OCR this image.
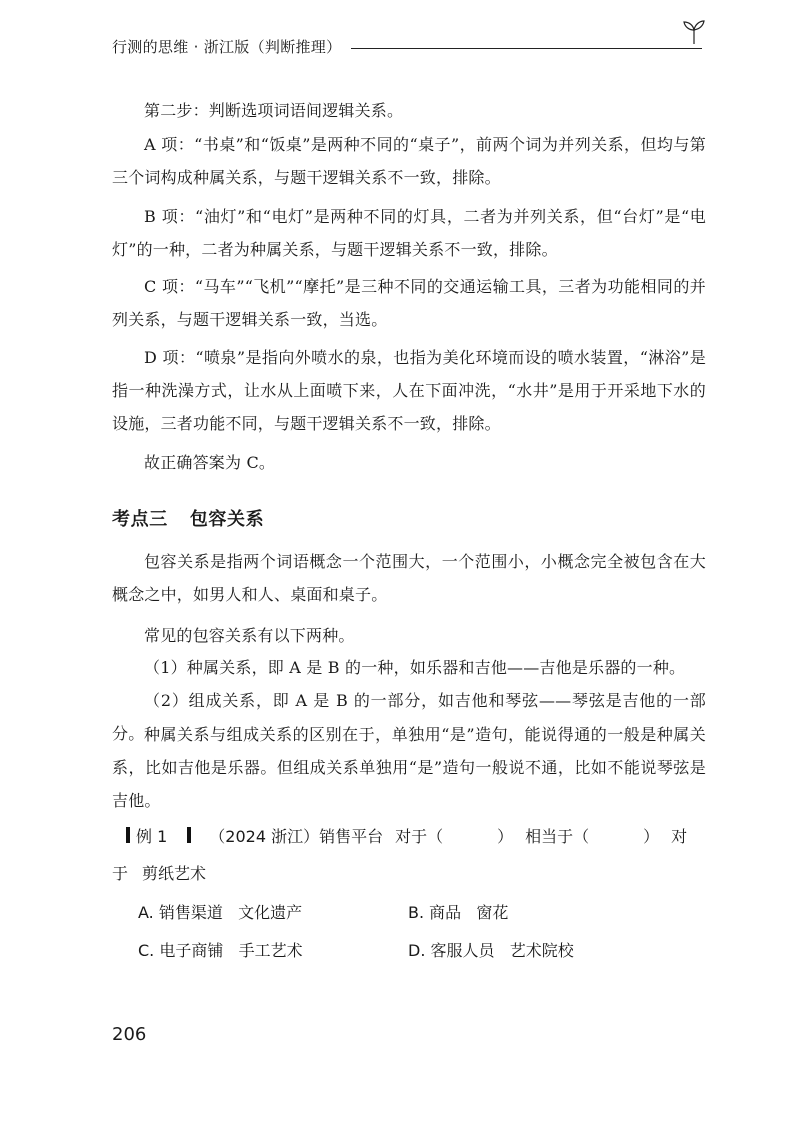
行测的思维 · 浙江版（判断推理）

第二步：判断选项词语间逻辑关系。

A 项：“书桌”和“饭桌”是两种不同的“桌子”，前两个词为并列关系，但均与第三个词构成种属关系，与题干逻辑关系不一致，排除。

B 项：“油灯”和“电灯”是两种不同的灯具，二者为并列关系，但“台灯”是“电灯”的一种，二者为种属关系，与题干逻辑关系不一致，排除。

C 项：“马车”“飞机”“摩托”是三种不同的交通运输工具，三者为功能相同的并列关系，与题干逻辑关系一致，当选。

D 项：“喷泉”是指向外喷水的泉，也指为美化环境而设的喷水装置，“淋浴”是指一种洗澡方式，让水从上面喷下来，人在下面冲洗，“水井”是用于开采地下水的设施，三者功能不同，与题干逻辑关系不一致，排除。

故正确答案为 C。

考点三 包容关系

包容关系是指两个词语概念一个范围大，一个范围小，小概念完全被包含在大概念之中，如男人和人、桌面和桌子。

常见的包容关系有以下两种。

（1）种属关系，即 A 是 B 的一种，如乐器和吉他——吉他是乐器的一种。

（2）组成关系，即 A 是 B 的一部分，如吉他和琴弦——琴弦是吉他的一部分。 种属关系与组成关系的区别在于，单独用“是”造句，能说得通的一般是种属关系，比如吉他是乐器。但组成关系单独用“是”造句一般说不通，比如不能说琴弦是吉他。

例 1	（2024 浙江） 销售平台 对于（	） 相当于（	） 对
于 剪纸艺术
A. 销售渠道   文化遗产	B. 商品   窗花
C. 电子商铺   手工艺术	D. 客服人员   艺术院校
206
